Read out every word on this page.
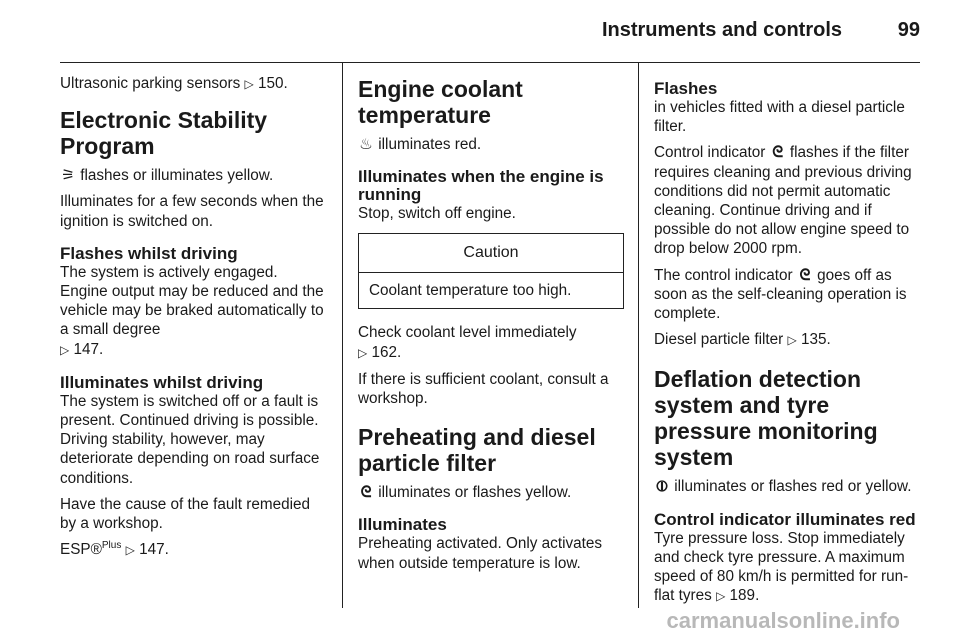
Instruments and controls	99

Ultrasonic parking sensors ▷ 150.

Electronic Stability Program

⚞ flashes or illuminates yellow.

Illuminates for a few seconds when the ignition is switched on.

Flashes whilst driving

The system is actively engaged. Engine output may be reduced and the vehicle may be braked automatically to a small degree
▷ 147.

Illuminates whilst driving

The system is switched off or a fault is present. Continued driving is possible. Driving stability, however, may deteriorate depending on road surface conditions.

Have the cause of the fault remedied by a workshop.

ESP®$^{Plus}$ ▷ 147.

Engine coolant temperature

♨ illuminates red.

Illuminates when the engine is running

Stop, switch off engine.

Caution
Coolant temperature too high.

Check coolant level immediately
▷ 162.

If there is sufficient coolant, consult a workshop.

Preheating and diesel particle filter

ᘓ illuminates or flashes yellow.

Illuminates

Preheating activated. Only activates when outside temperature is low.

Flashes

in vehicles fitted with a diesel particle filter.

Control indicator ᘓ flashes if the filter requires cleaning and previous driving conditions did not permit automatic cleaning. Continue driving and if possible do not allow engine speed to drop below 2000 rpm.

The control indicator ᘓ goes off as soon as the self-cleaning operation is complete.

Diesel particle filter ▷ 135.

Deflation detection system and tyre pressure monitoring system

⦶ illuminates or flashes red or yellow.

Control indicator illuminates red

Tyre pressure loss. Stop immediately and check tyre pressure. A maximum speed of 80 km/h is permitted for run-flat tyres ▷ 189.

carmanualsonline.info
